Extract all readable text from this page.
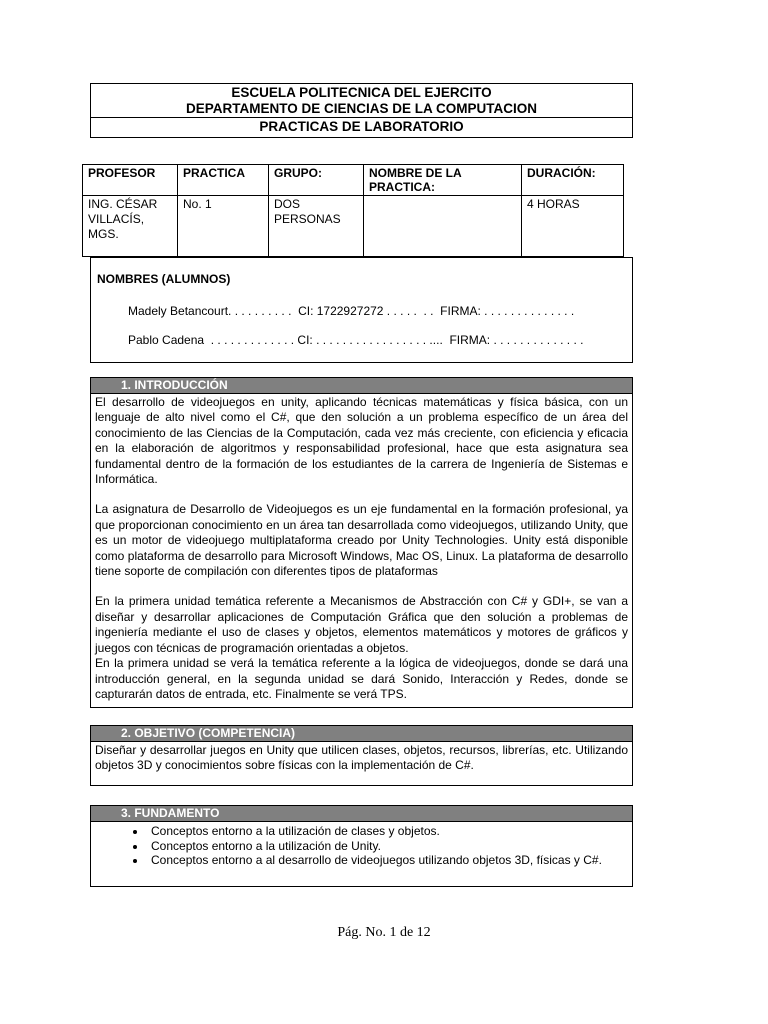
ESCUELA POLITECNICA DEL EJERCITO
DEPARTAMENTO DE CIENCIAS DE LA COMPUTACION
PRACTICAS DE LABORATORIO
PROFESOR	PRACTICA	GRUPO:	NOMBRE DE LA PRACTICA:	DURACIÓN:
ING. CÉSAR VILLACÍS, MGS.	No. 1	DOS PERSONAS		4 HORAS
NOMBRES (ALUMNOS)
Madely Betancourt. . . . . . . . . .  CI: 1722927272 . . . . .  . .  FIRMA: . . . . . . . . . . . . . .
Pablo Cadena  . . . . . . . . . . . . . CI: . . . . . . . . . . . . . . . . . ....  FIRMA: . . . . . . . . . . . . . .
1. INTRODUCCIÓN

El desarrollo de videojuegos en unity, aplicando técnicas matemáticas y física básica, con un lenguaje de alto nivel como el C#, que den solución a un problema específico de un área del conocimiento de las Ciencias de la Computación, cada vez más creciente, con eficiencia y eficacia en la elaboración de algoritmos y responsabilidad profesional, hace que esta asignatura sea fundamental dentro de la formación de los estudiantes de la carrera de Ingeniería de Sistemas e Informática.

La asignatura de Desarrollo de Videojuegos es un eje fundamental en la formación profesional, ya que proporcionan conocimiento en un área tan desarrollada como videojuegos, utilizando Unity, que es un motor de videojuego multiplataforma creado por Unity Technologies. Unity está disponible como plataforma de desarrollo para Microsoft Windows, Mac OS, Linux. La plataforma de desarrollo tiene soporte de compilación con diferentes tipos de plataformas

En la primera unidad temática referente a Mecanismos de Abstracción con C# y GDI+, se van a diseñar y desarrollar aplicaciones de Computación Gráfica que den solución a problemas de ingeniería mediante el uso de clases y objetos, elementos matemáticos y motores de gráficos y juegos con técnicas de programación orientadas a objetos.

En la primera unidad se verá la temática referente a la lógica de videojuegos, donde se dará una introducción general, en la segunda unidad se dará Sonido, Interacción y Redes, donde se capturarán datos de entrada, etc. Finalmente se verá TPS.

2. OBJETIVO (COMPETENCIA)

Diseñar y desarrollar juegos en Unity que utilicen clases, objetos, recursos, librerías, etc. Utilizando objetos 3D y conocimientos sobre físicas con la implementación de C#.

3. FUNDAMENTO
• Conceptos entorno a la utilización de clases y objetos.
• Conceptos entorno a la utilización de Unity.
• Conceptos entorno a al desarrollo de videojuegos utilizando objetos 3D, físicas y C#.
Pág. No. 1 de 12
